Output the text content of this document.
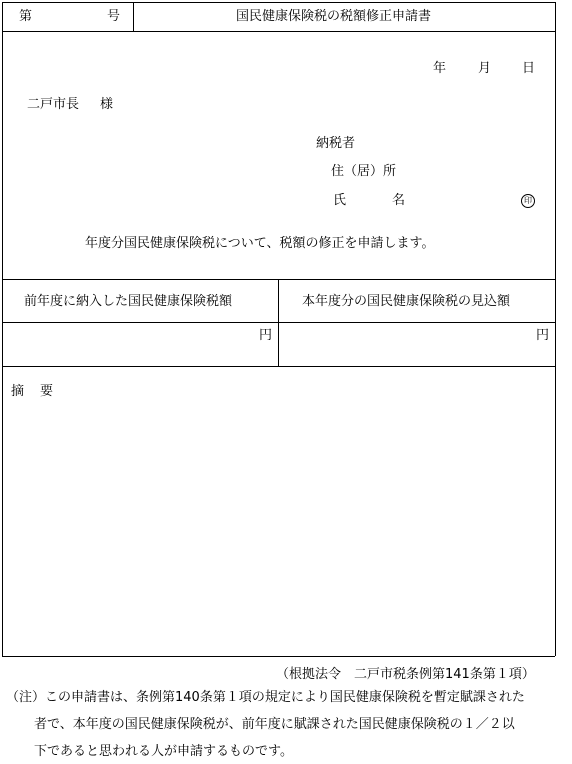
第	号	国民健康保険税の税額修正申請書
年 月 日
二戸市長 様
納税者
住（居）所
氏	名	印
年度分国民健康保険税について、税額の修正を申請します。
前年度に納入した国民健康保険税額	本年度分の国民健康保険税の見込額
円	円
摘 要
（根拠法令　二戸市税条例第141条第１項）
（注）この申請書は、条例第140条第１項の規定により国民健康保険税を暫定賦課された
者で、本年度の国民健康保険税が、前年度に賦課された国民健康保険税の１／２以
下であると思われる人が申請するものです。
